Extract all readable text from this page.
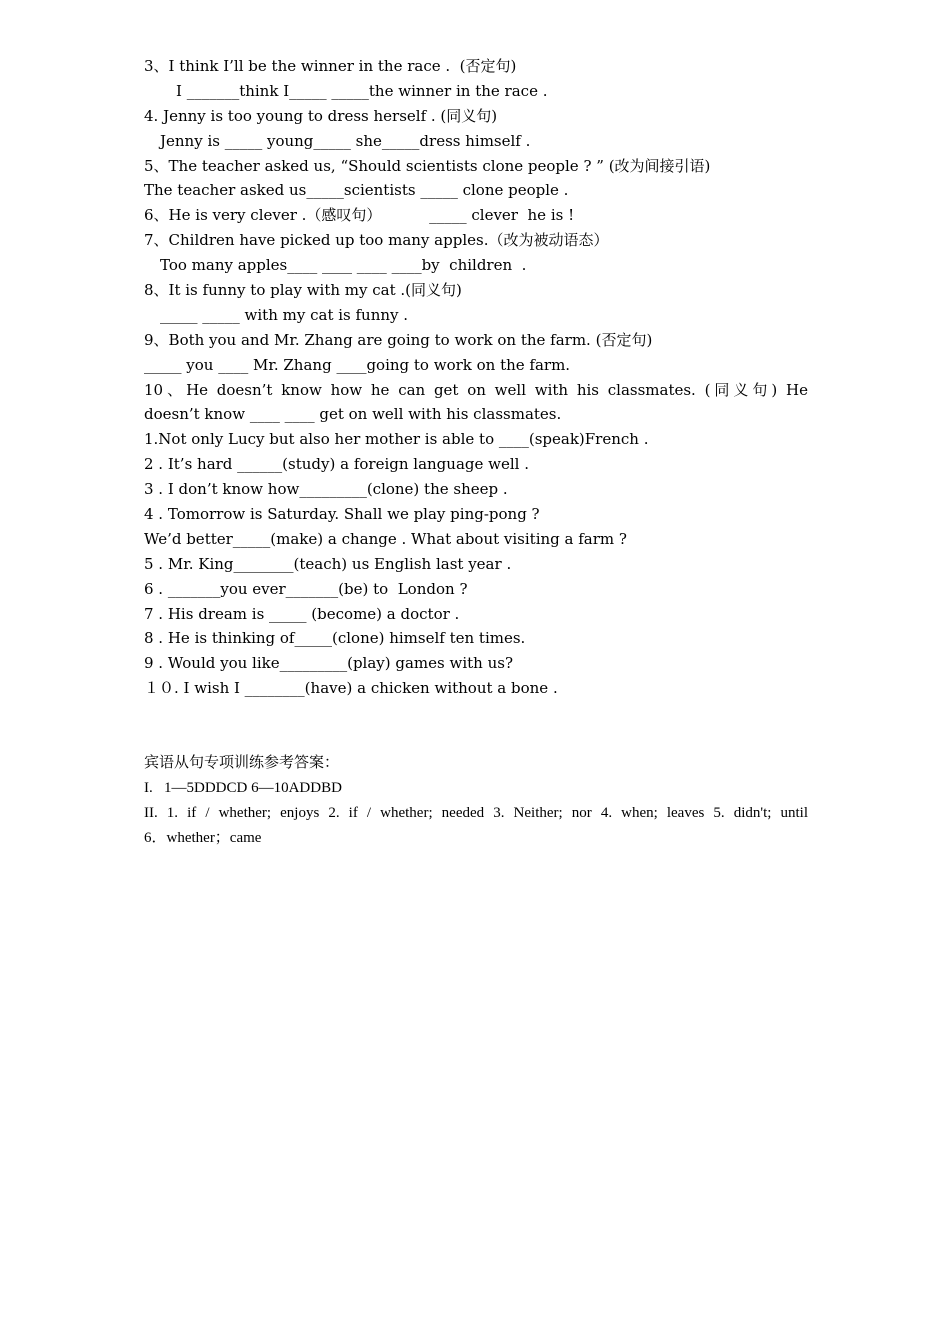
3、I think I’ll be the winner in the race .  (否定句)
I _______think I_____ _____the winner in the race .
4. Jenny is too young to dress herself . (同义句)
Jenny is _____ young_____ she_____dress himself .
5、The teacher asked us, “Should scientists clone people ? ” (改为间接引语)
The teacher asked us_____scientists _____ clone people .
6、He is very clever .（感叹句）          _____ clever  he is !
7、Children have picked up too many apples.（改为被动语态）
Too many apples____ ____ ____ ____by  children  .
8、It is funny to play with my cat .(同义句)
_____ _____ with my cat is funny .
9、Both you and Mr. Zhang are going to work on the farm. (否定句)
_____ you ____ Mr. Zhang ____going to work on the farm.
10、He doesn’t know how he can get on well with his classmates. (同义句) He
doesn’t know ____ ____ get on well with his classmates.
1.Not only Lucy but also her mother is able to ____(speak)French .
2 . It’s hard ______(study) a foreign language well .
3 . I don’t know how_________(clone) the sheep .
4 . Tomorrow is Saturday. Shall we play ping-pong ?
We’d better_____(make) a change . What about visiting a farm ?
5 . Mr. King________(teach) us English last year .
6 . _______you ever_______(be) to  London ?
7 . His dream is _____ (become) a doctor .
8 . He is thinking of_____(clone) himself ten times.
9 . Would you like_________(play) games with us?
１０. I wish I ________(have) a chicken without a bone .
宾语从句专项训练参考答案：
I.   1—5DDDCD 6—10ADDBD
II. 1. if / whether; enjoys 2. if / whether; needed 3. Neither; nor 4. when; leaves 5. didn't; until
6．whether；came
